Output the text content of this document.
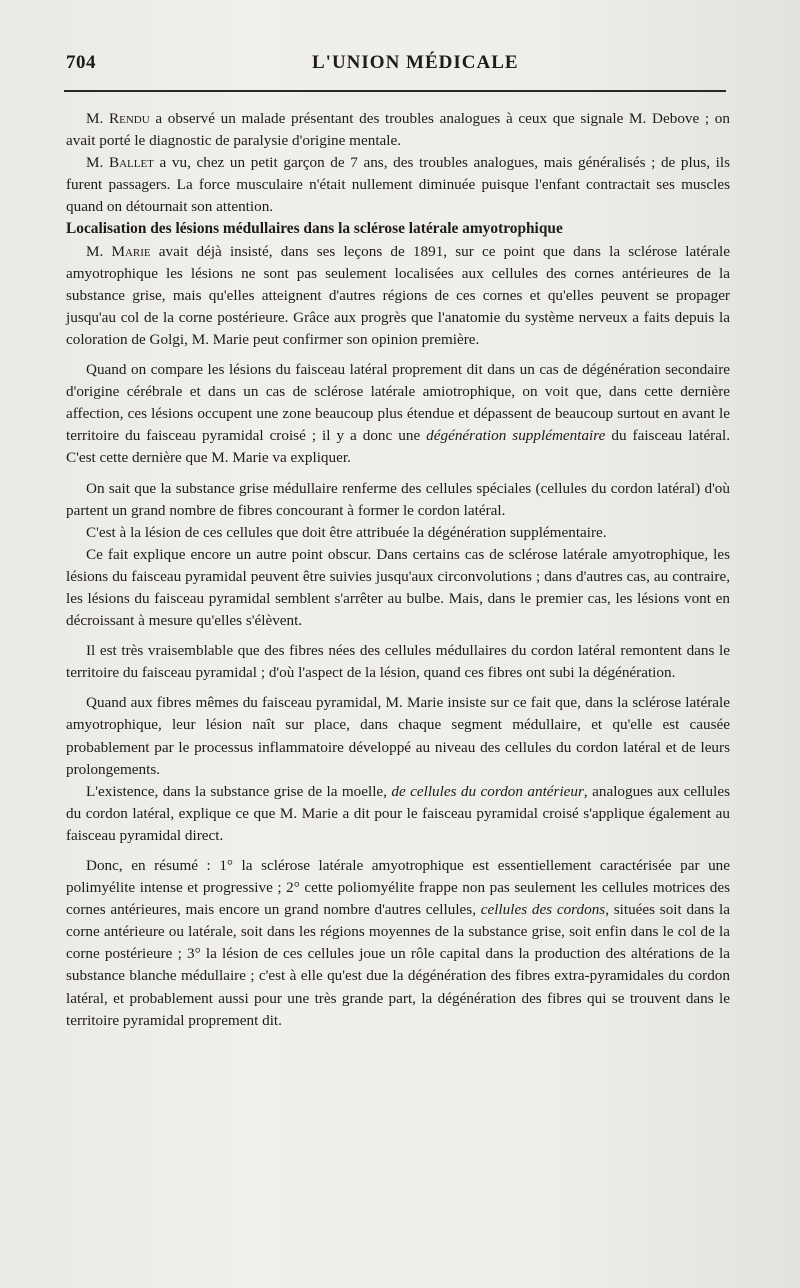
704	L'UNION MÉDICALE

M. Rendu a observé un malade présentant des troubles analogues à ceux que signale M. Debove ; on avait porté le diagnostic de paralysie d'origine mentale.

M. Ballet a vu, chez un petit garçon de 7 ans, des troubles analogues, mais généralisés ; de plus, ils furent passagers. La force musculaire n'était nullement diminuée puisque l'enfant contractait ses muscles quand on détournait son attention.

Localisation des lésions médullaires dans la sclérose latérale amyotrophique

M. Marie avait déjà insisté, dans ses leçons de 1891, sur ce point que dans la sclérose latérale amyotrophique les lésions ne sont pas seulement localisées aux cellules des cornes antérieures de la substance grise, mais qu'elles atteignent d'autres régions de ces cornes et qu'elles peuvent se propager jusqu'au col de la corne postérieure. Grâce aux progrès que l'anatomie du système nerveux a faits depuis la coloration de Golgi, M. Marie peut confirmer son opinion première.

Quand on compare les lésions du faisceau latéral proprement dit dans un cas de dégénération secondaire d'origine cérébrale et dans un cas de sclérose latérale amiotrophique, on voit que, dans cette dernière affection, ces lésions occupent une zone beaucoup plus étendue et dépassent de beaucoup surtout en avant le territoire du faisceau pyramidal croisé ; il y a donc une dégénération supplémentaire du faisceau latéral. C'est cette dernière que M. Marie va expliquer.

On sait que la substance grise médullaire renferme des cellules spéciales (cellules du cordon latéral) d'où partent un grand nombre de fibres concourant à former le cordon latéral.

C'est à la lésion de ces cellules que doit être attribuée la dégénération supplémentaire.

Ce fait explique encore un autre point obscur. Dans certains cas de sclérose latérale amyotrophique, les lésions du faisceau pyramidal peuvent être suivies jusqu'aux circonvolutions ; dans d'autres cas, au contraire, les lésions du faisceau pyramidal semblent s'arrêter au bulbe. Mais, dans le premier cas, les lésions vont en décroissant à mesure qu'elles s'élèvent.

Il est très vraisemblable que des fibres nées des cellules médullaires du cordon latéral remontent dans le territoire du faisceau pyramidal ; d'où l'aspect de la lésion, quand ces fibres ont subi la dégénération.

Quand aux fibres mêmes du faisceau pyramidal, M. Marie insiste sur ce fait que, dans la sclérose latérale amyotrophique, leur lésion naît sur place, dans chaque segment médullaire, et qu'elle est causée probablement par le processus inflammatoire développé au niveau des cellules du cordon latéral et de leurs prolongements.

L'existence, dans la substance grise de la moelle, de cellules du cordon antérieur, analogues aux cellules du cordon latéral, explique ce que M. Marie a dit pour le faisceau pyramidal croisé s'applique également au faisceau pyramidal direct.

Donc, en résumé : 1° la sclérose latérale amyotrophique est essentiellement caractérisée par une polimyélite intense et progressive ; 2° cette poliomyélite frappe non pas seulement les cellules motrices des cornes antérieures, mais encore un grand nombre d'autres cellules, cellules des cordons, situées soit dans la corne antérieure ou latérale, soit dans les régions moyennes de la substance grise, soit enfin dans le col de la corne postérieure ; 3° la lésion de ces cellules joue un rôle capital dans la production des altérations de la substance blanche médullaire ; c'est à elle qu'est due la dégénération des fibres extra-pyramidales du cordon latéral, et probablement aussi pour une très grande part, la dégénération des fibres qui se trouvent dans le territoire pyramidal proprement dit.
